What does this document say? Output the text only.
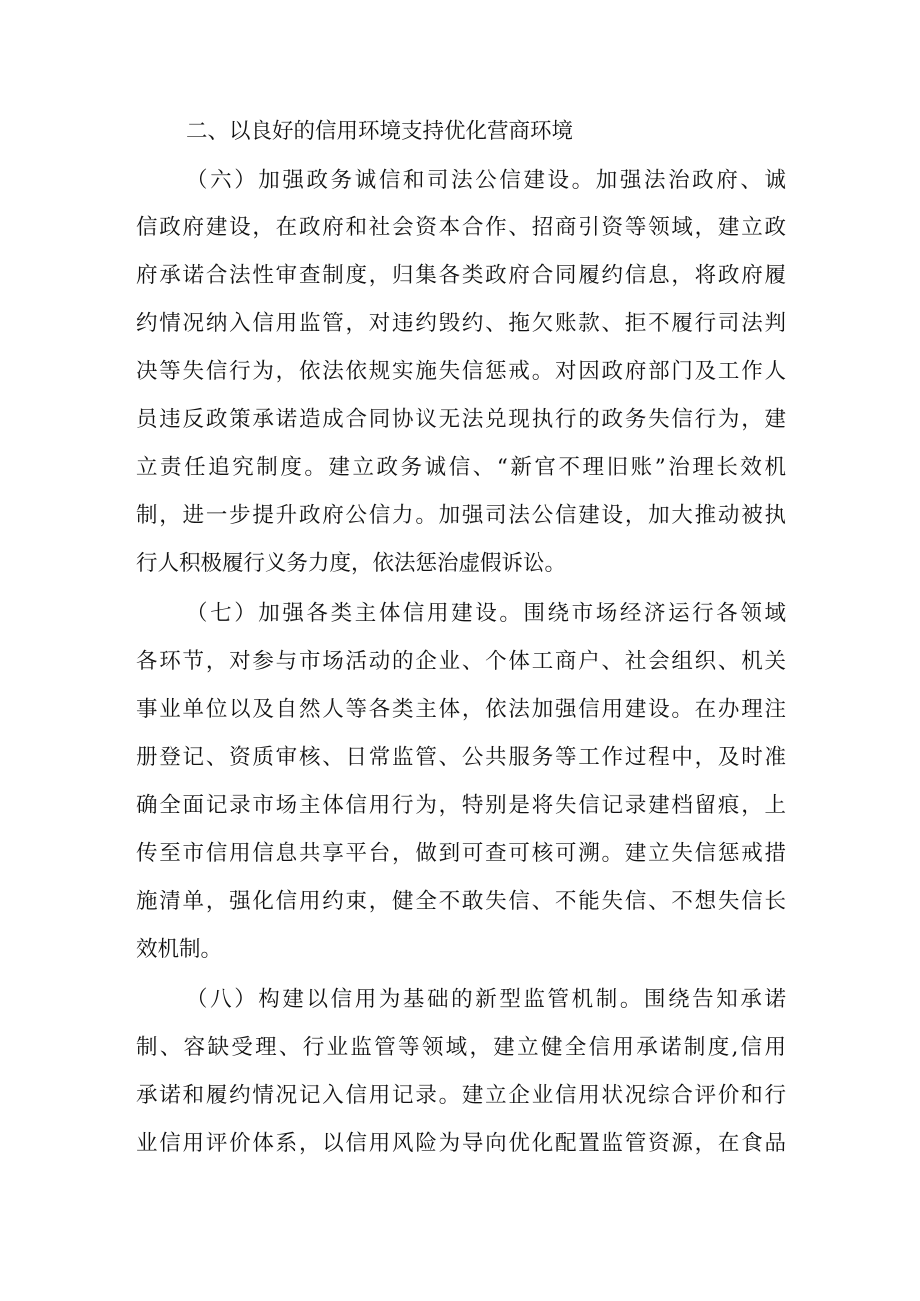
二、以良好的信用环境支持优化营商环境
（六）加强政务诚信和司法公信建设。加强法治政府、诚
信政府建设，在政府和社会资本合作、招商引资等领域，建立政
府承诺合法性审查制度，归集各类政府合同履约信息，将政府履
约情况纳入信用监管，对违约毁约、拖欠账款、拒不履行司法判
决等失信行为，依法依规实施失信惩戒。对因政府部门及工作人
员违反政策承诺造成合同协议无法兑现执行的政务失信行为，建
立责任追究制度。建立政务诚信、“新官不理旧账”治理长效机
制，进一步提升政府公信力。加强司法公信建设，加大推动被执
行人积极履行义务力度，依法惩治虚假诉讼。
（七）加强各类主体信用建设。围绕市场经济运行各领域
各环节，对参与市场活动的企业、个体工商户、社会组织、机关
事业单位以及自然人等各类主体，依法加强信用建设。在办理注
册登记、资质审核、日常监管、公共服务等工作过程中，及时准
确全面记录市场主体信用行为，特别是将失信记录建档留痕，上
传至市信用信息共享平台，做到可查可核可溯。建立失信惩戒措
施清单，强化信用约束，健全不敢失信、不能失信、不想失信长
效机制。
（八）构建以信用为基础的新型监管机制。围绕告知承诺
制、容缺受理、行业监管等领域，建立健全信用承诺制度,信用
承诺和履约情况记入信用记录。建立企业信用状况综合评价和行
业信用评价体系，以信用风险为导向优化配置监管资源，在食品
